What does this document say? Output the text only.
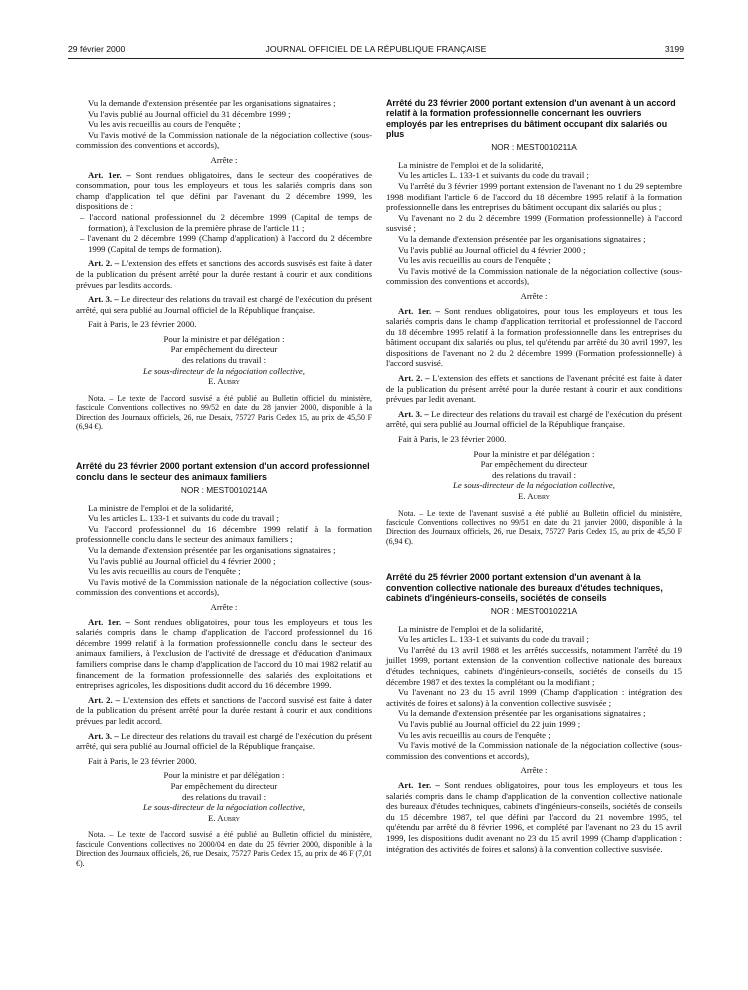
29 février 2000	JOURNAL OFFICIEL DE LA RÉPUBLIQUE FRANÇAISE	3199

Vu la demande d'extension présentée par les organisations signataires ;

Vu l'avis publié au Journal officiel du 31 décembre 1999 ;

Vu les avis recueillis au cours de l'enquête ;

Vu l'avis motivé de la Commission nationale de la négociation collective (sous-commission des conventions et accords),

Arrête :

Art. 1er. – Sont rendues obligatoires, dans le secteur des coopératives de consommation, pour tous les employeurs et tous les salariés compris dans son champ d'application tel que défini par l'avenant du 2 décembre 1999, les dispositions de :

– l'accord national professionnel du 2 décembre 1999 (Capital de temps de formation), à l'exclusion de la première phrase de l'article 11 ;

– l'avenant du 2 décembre 1999 (Champ d'application) à l'accord du 2 décembre 1999 (Capital de temps de formation).

Art. 2. – L'extension des effets et sanctions des accords susvisés est faite à dater de la publication du présent arrêté pour la durée restant à courir et aux conditions prévues par lesdits accords.

Art. 3. – Le directeur des relations du travail est chargé de l'exécution du présent arrêté, qui sera publié au Journal officiel de la République française.

Fait à Paris, le 23 février 2000.

Pour la ministre et par délégation :

Par empêchement du directeur

des relations du travail :

Le sous-directeur de la négociation collective,

E. Aubry

Nota. – Le texte de l'accord susvisé a été publié au Bulletin officiel du ministère, fascicule Conventions collectives no 99/52 en date du 28 janvier 2000, disponible à la Direction des Journaux officiels, 26, rue Desaix, 75727 Paris Cedex 15, au prix de 45,50 F (6,94 €).

Arrêté du 23 février 2000 portant extension d'un accord professionnel conclu dans le secteur des animaux familiers

NOR : MEST0010214A

La ministre de l'emploi et de la solidarité,

Vu les articles L. 133-1 et suivants du code du travail ;

Vu l'accord professionnel du 16 décembre 1999 relatif à la formation professionnelle conclu dans le secteur des animaux familiers ;

Vu la demande d'extension présentée par les organisations signataires ;

Vu l'avis publié au Journal officiel du 4 février 2000 ;

Vu les avis recueillis au cours de l'enquête ;

Vu l'avis motivé de la Commission nationale de la négociation collective (sous-commission des conventions et accords),

Arrête :

Art. 1er. – Sont rendues obligatoires, pour tous les employeurs et tous les salariés compris dans le champ d'application de l'accord professionnel du 16 décembre 1999 relatif à la formation professionnelle conclu dans le secteur des animaux familiers, à l'exclusion de l'activité de dressage et d'éducation d'animaux familiers comprise dans le champ d'application de l'accord du 10 mai 1982 relatif au financement de la formation professionnelle des salariés des exploitations et entreprises agricoles, les dispositions dudit accord du 16 décembre 1999.

Art. 2. – L'extension des effets et sanctions de l'accord susvisé est faite à dater de la publication du présent arrêté pour la durée restant à courir et aux conditions prévues par ledit accord.

Art. 3. – Le directeur des relations du travail est chargé de l'exécution du présent arrêté, qui sera publié au Journal officiel de la République française.

Fait à Paris, le 23 février 2000.

Pour la ministre et par délégation :

Par empêchement du directeur

des relations du travail :

Le sous-directeur de la négociation collective,

E. Aubry

Nota. – Le texte de l'accord susvisé a été publié au Bulletin officiel du ministère, fascicule Conventions collectives no 2000/04 en date du 25 février 2000, disponible à la Direction des Journaux officiels, 26, rue Desaix, 75727 Paris Cedex 15, au prix de 46 F (7,01 €).

Arrêté du 23 février 2000 portant extension d'un avenant à un accord relatif à la formation professionnelle concernant les ouvriers employés par les entreprises du bâtiment occupant dix salariés ou plus

NOR : MEST0010211A

La ministre de l'emploi et de la solidarité,

Vu les articles L. 133-1 et suivants du code du travail ;

Vu l'arrêté du 3 février 1999 portant extension de l'avenant no 1 du 29 septembre 1998 modifiant l'article 6 de l'accord du 18 décembre 1995 relatif à la formation professionnelle dans les entreprises du bâtiment occupant dix salariés ou plus ;

Vu l'avenant no 2 du 2 décembre 1999 (Formation professionnelle) à l'accord susvisé ;

Vu la demande d'extension présentée par les organisations signataires ;

Vu l'avis publié au Journal officiel du 4 février 2000 ;

Vu les avis recueillis au cours de l'enquête ;

Vu l'avis motivé de la Commission nationale de la négociation collective (sous-commission des conventions et accords),

Arrête :

Art. 1er. – Sont rendues obligatoires, pour tous les employeurs et tous les salariés compris dans le champ d'application territorial et professionnel de l'accord du 18 décembre 1995 relatif à la formation professionnelle dans les entreprises du bâtiment occupant dix salariés ou plus, tel qu'étendu par arrêté du 30 avril 1997, les dispositions de l'avenant no 2 du 2 décembre 1999 (Formation professionnelle) à l'accord susvisé.

Art. 2. – L'extension des effets et sanctions de l'avenant précité est faite à dater de la publication du présent arrêté pour la durée restant à courir et aux conditions prévues par ledit avenant.

Art. 3. – Le directeur des relations du travail est chargé de l'exécution du présent arrêté, qui sera publié au Journal officiel de la République française.

Fait à Paris, le 23 février 2000.

Pour la ministre et par délégation :

Par empêchement du directeur

des relations du travail :

Le sous-directeur de la négociation collective,

E. Aubry

Nota. – Le texte de l'avenant susvisé a été publié au Bulletin officiel du ministère, fascicule Conventions collectives no 99/51 en date du 21 janvier 2000, disponible à la Direction des Journaux officiels, 26, rue Desaix, 75727 Paris Cedex 15, au prix de 45,50 F (6,94 €).

Arrêté du 25 février 2000 portant extension d'un avenant à la convention collective nationale des bureaux d'études techniques, cabinets d'ingénieurs-conseils, sociétés de conseils

NOR : MEST0010221A

La ministre de l'emploi et de la solidarité,

Vu les articles L. 133-1 et suivants du code du travail ;

Vu l'arrêté du 13 avril 1988 et les arrêtés successifs, notamment l'arrêté du 19 juillet 1999, portant extension de la convention collective nationale des bureaux d'études techniques, cabinets d'ingénieurs-conseils, sociétés de conseils du 15 décembre 1987 et des textes la complétant ou la modifiant ;

Vu l'avenant no 23 du 15 avril 1999 (Champ d'application : intégration des activités de foires et salons) à la convention collective susvisée ;

Vu la demande d'extension présentée par les organisations signataires ;

Vu l'avis publié au Journal officiel du 22 juin 1999 ;

Vu les avis recueillis au cours de l'enquête ;

Vu l'avis motivé de la Commission nationale de la négociation collective (sous-commission des conventions et accords),

Arrête :

Art. 1er. – Sont rendues obligatoires, pour tous les employeurs et tous les salariés compris dans le champ d'application de la convention collective nationale des bureaux d'études techniques, cabinets d'ingénieurs-conseils, sociétés de conseils du 15 décembre 1987, tel que défini par l'accord du 21 novembre 1995, tel qu'étendu par arrêté du 8 février 1996, et complété par l'avenant no 23 du 15 avril 1999, les dispositions dudit avenant no 23 du 15 avril 1999 (Champ d'application : intégration des activités de foires et salons) à la convention collective susvisée.
